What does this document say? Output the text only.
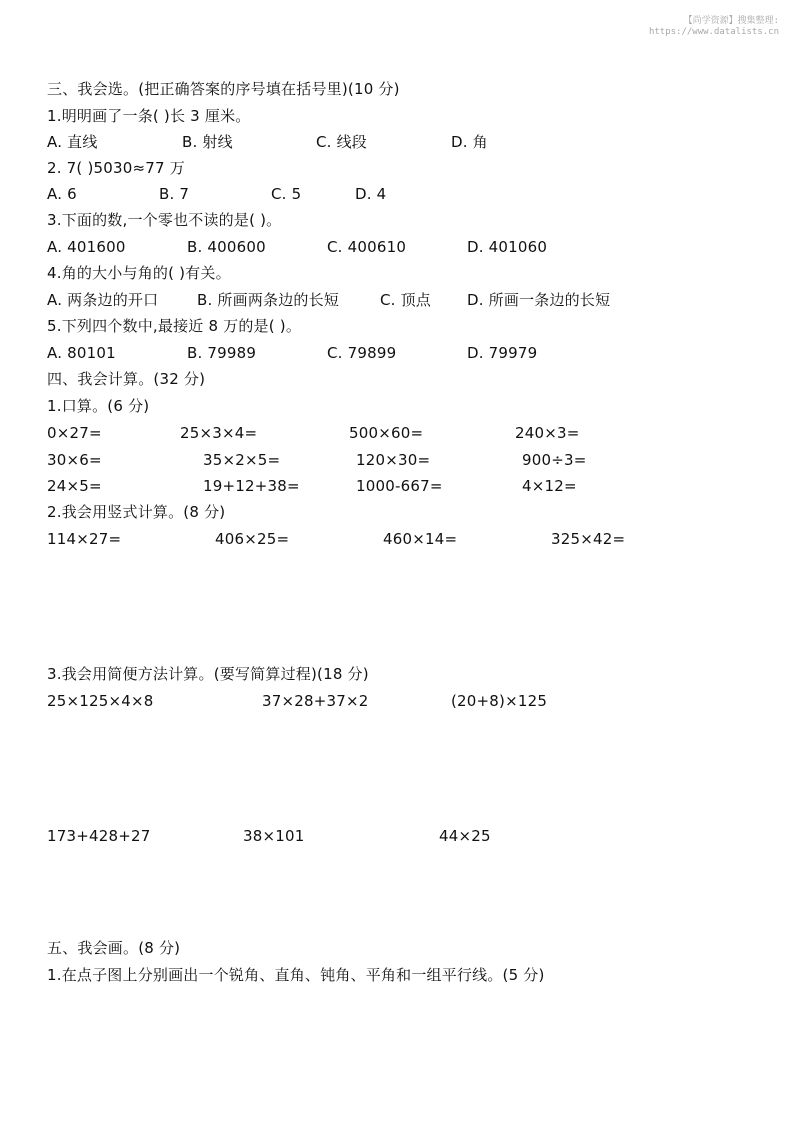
【尚学资源】搜集整理:
https://www.datalists.cn
三、我会选。(把正确答案的序号填在括号里)(10 分)
1.明明画了一条( )长 3 厘米。
A. 直线	B. 射线	C. 线段	D. 角
2. 7( )5030≈77 万
A. 6	B. 7	C. 5	D. 4
3.下面的数,一个零也不读的是( )。
A. 401600	B. 400600	C. 400610	D. 401060
4.角的大小与角的( )有关。
A. 两条边的开口	B. 所画两条边的长短	C. 顶点 D. 所画一条边的长短
5.下列四个数中,最接近 8 万的是( )。
A. 80101	B. 79989	C. 79899	D. 79979
四、我会计算。(32 分)
1.口算。(6 分)
0×27=	25×3×4=	500×60=	240×3=
30×6=	35×2×5=	120×30=	900÷3=
24×5=	19+12+38=	1000-667=	4×12=
2.我会用竖式计算。(8 分)
114×27=	406×25=	460×14=	325×42=
3.我会用简便方法计算。(要写简算过程)(18 分)
25×125×4×8	37×28+37×2	(20+8)×125
173+428+27	38×101	44×25
五、我会画。(8 分)
1.在点子图上分别画出一个锐角、直角、钝角、平角和一组平行线。(5 分)
